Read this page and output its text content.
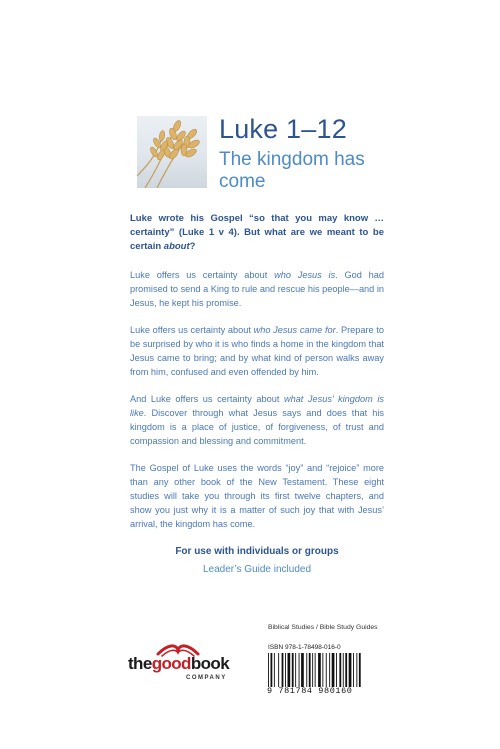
Luke 1–12
The kingdom has come

Luke wrote his Gospel “so that you may know … certainty” (Luke 1 v 4). But what are we meant to be certain about?

Luke offers us certainty about who Jesus is. God had promised to send a King to rule and rescue his people—and in Jesus, he kept his promise.

Luke offers us certainty about who Jesus came for. Prepare to be surprised by who it is who finds a home in the kingdom that Jesus came to bring; and by what kind of person walks away from him, confused and even offended by him.

And Luke offers us certainty about what Jesus’ kingdom is like. Discover through what Jesus says and does that his kingdom is a place of justice, of forgiveness, of trust and compassion and blessing and commitment.

The Gospel of Luke uses the words “joy” and “rejoice” more than any other book of the New Testament. These eight studies will take you through its first twelve chapters, and show you just why it is a matter of such joy that with Jesus’ arrival, the kingdom has come.

For use with individuals or groups
Leader’s Guide included
Biblical Studies / Bible Study Guides
thegoodbook
COMPANY
ISBN 978-1-78498-016-0
9 781784 980160
